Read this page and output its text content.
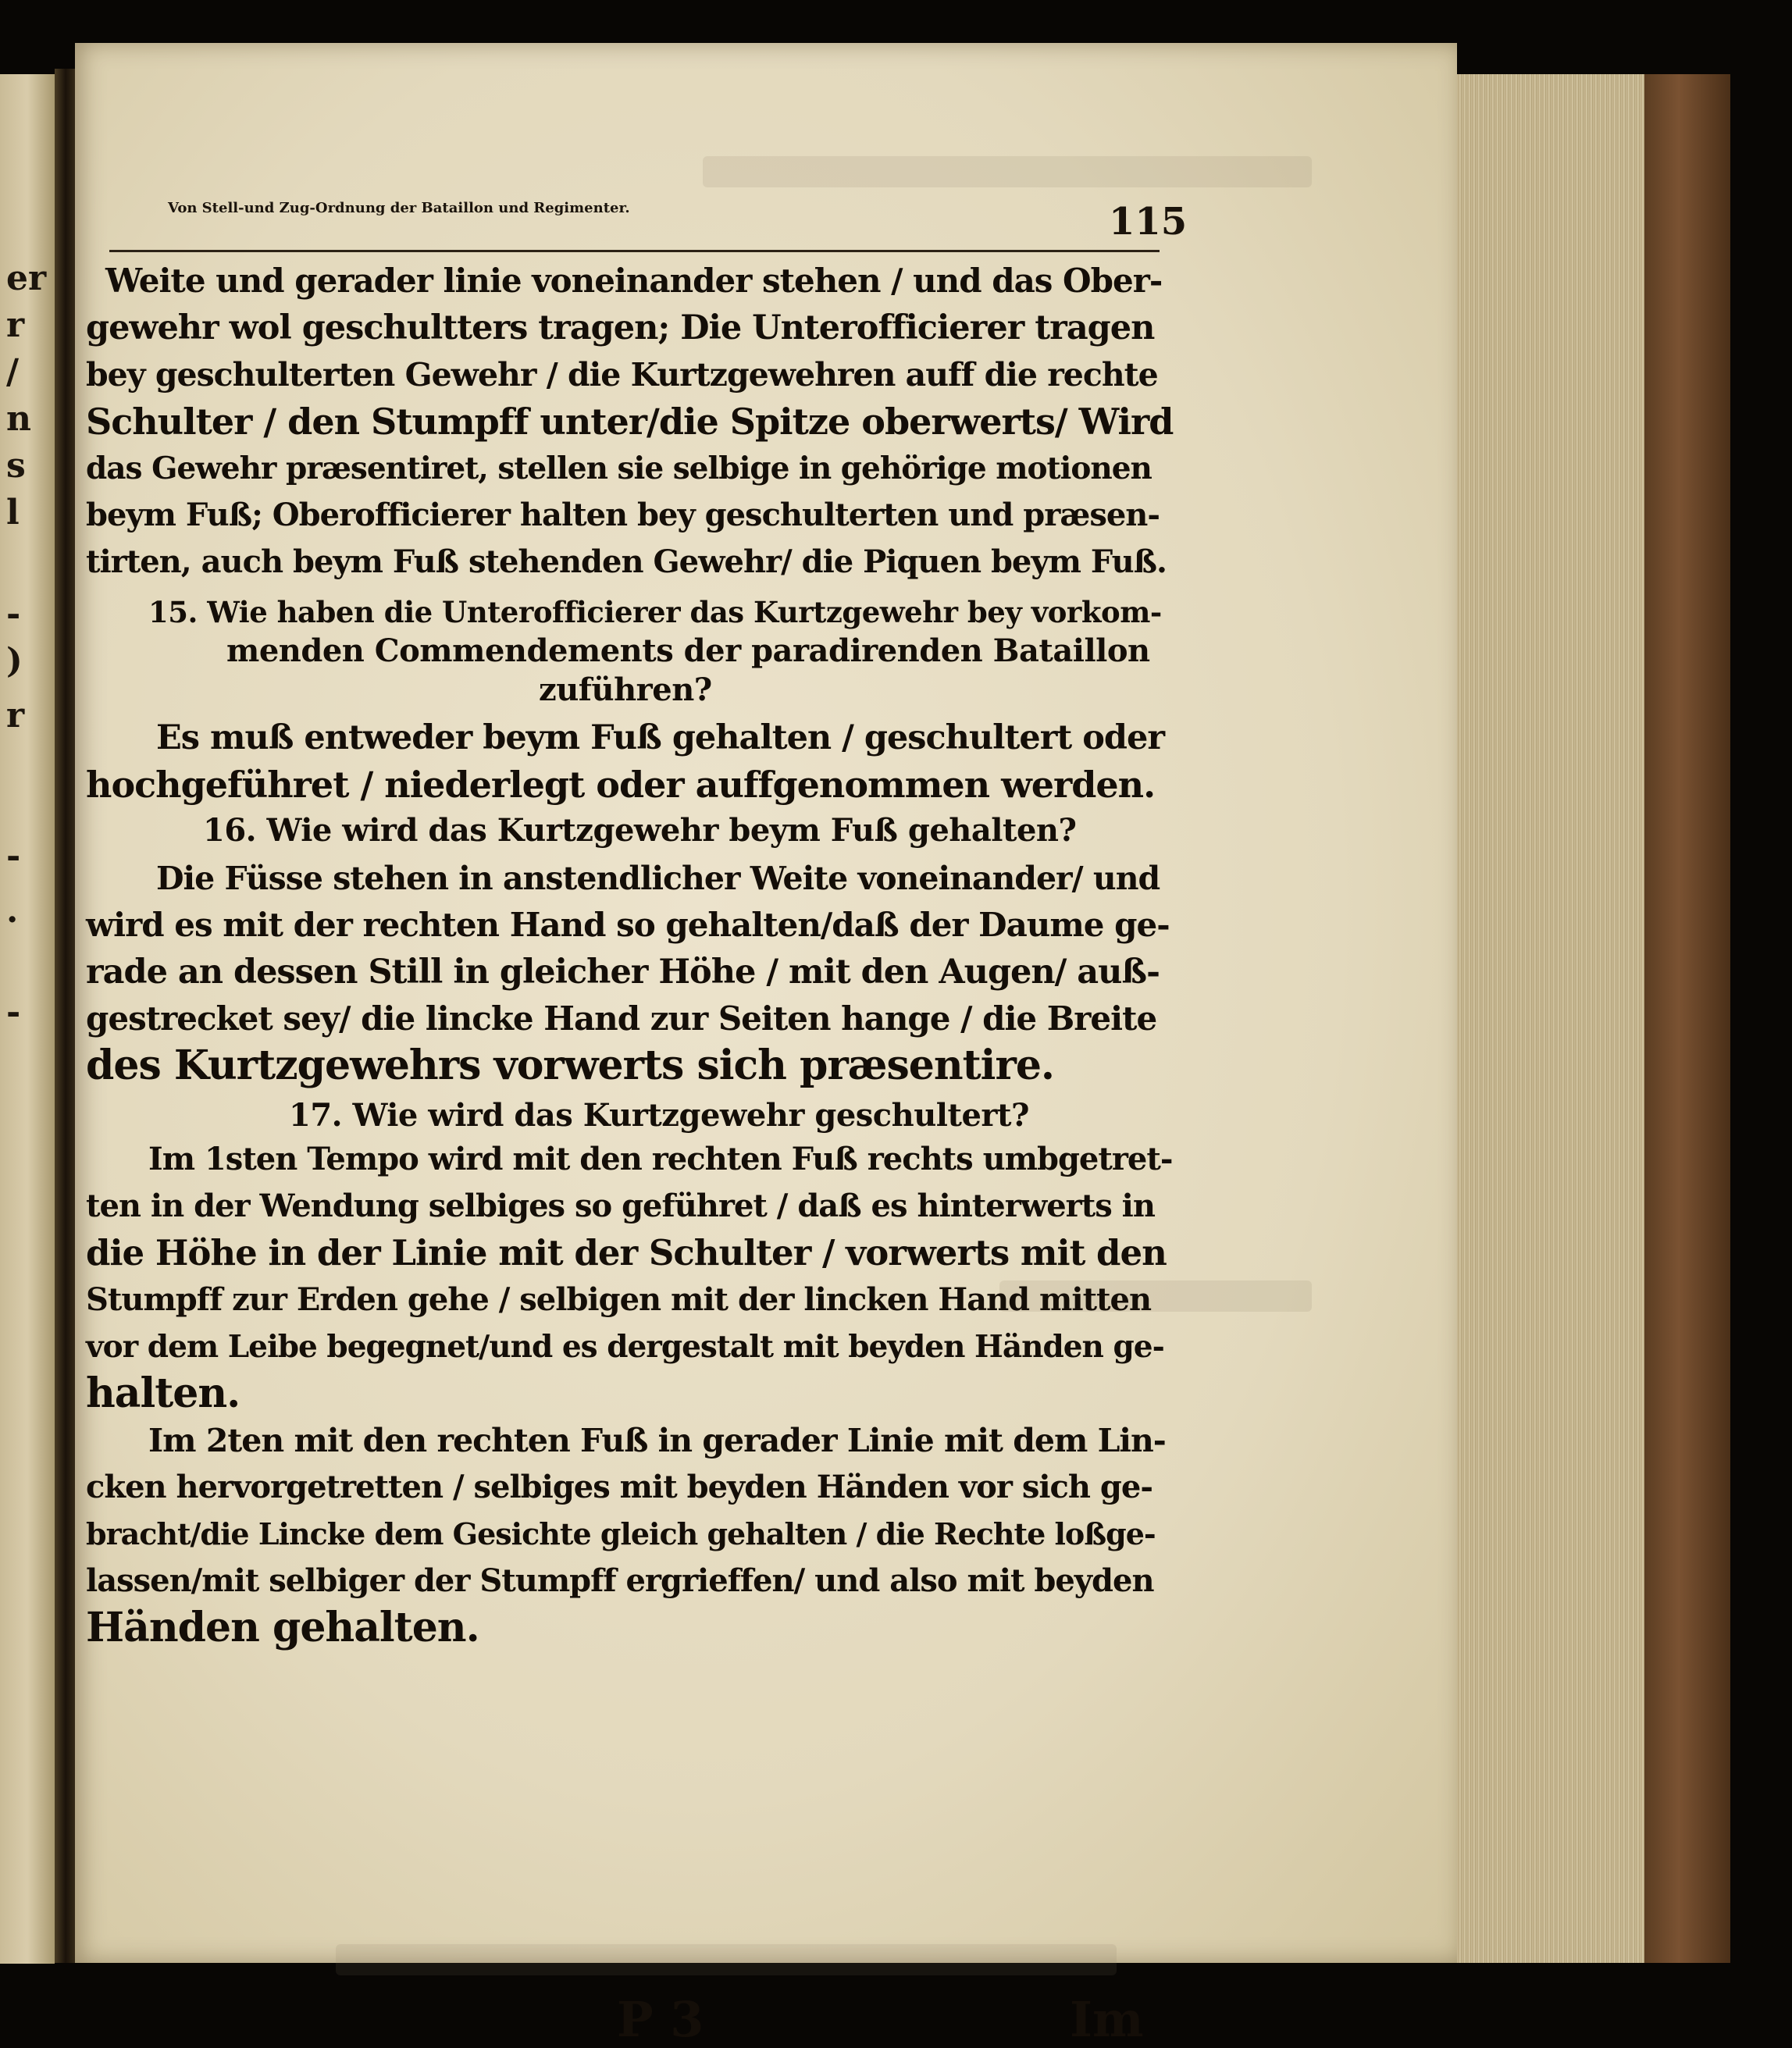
er
r
/
n
s
l
-
)
r
-
.
-
Von Stell-und Zug-Ordnung der Bataillon und Regimenter.	115
Weite und gerader linie voneinander stehen / und das Ober-
gewehr wol geschultters tragen; Die Unterofficierer tragen
bey geschulterten Gewehr / die Kurtzgewehren auff die rechte
Schulter / den Stumpff unter/die Spitze oberwerts/ Wird
das Gewehr præsentiret, stellen sie selbige in gehörige motionen
beym Fuß; Oberofficierer halten bey geschulterten und præsen-
tirten, auch beym Fuß stehenden Gewehr/ die Piquen beym Fuß.
15. Wie haben die Unterofficierer das Kurtzgewehr bey vorkom-
menden Commendements der paradirenden Bataillon
zuführen?
Es muß entweder beym Fuß gehalten / geschultert oder
hochgeführet / niederlegt oder auffgenommen werden.
16. Wie wird das Kurtzgewehr beym Fuß gehalten?
Die Füsse stehen in anstendlicher Weite voneinander/ und
wird es mit der rechten Hand so gehalten/daß der Daume ge-
rade an dessen Still in gleicher Höhe / mit den Augen/ auß-
gestrecket sey/ die lincke Hand zur Seiten hange / die Breite
des Kurtzgewehrs vorwerts sich præsentire.
17. Wie wird das Kurtzgewehr geschultert?
Im 1sten Tempo wird mit den rechten Fuß rechts umbgetret-
ten in der Wendung selbiges so geführet / daß es hinterwerts in
die Höhe in der Linie mit der Schulter / vorwerts mit den
Stumpff zur Erden gehe / selbigen mit der lincken Hand mitten
vor dem Leibe begegnet/und es dergestalt mit beyden Händen ge-
halten.
Im 2ten mit den rechten Fuß in gerader Linie mit dem Lin-
cken hervorgetretten / selbiges mit beyden Händen vor sich ge-
bracht/die Lincke dem Gesichte gleich gehalten / die Rechte loßge-
lassen/mit selbiger der Stumpff ergrieffen/ und also mit beyden
Händen gehalten.
P 3	Im
